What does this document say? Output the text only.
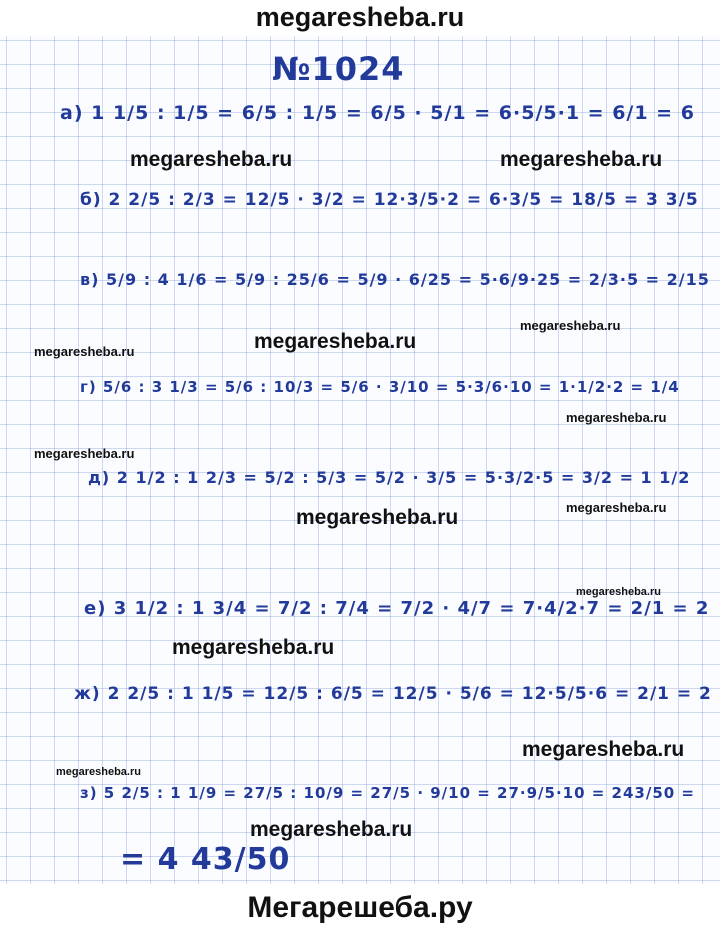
megaresheba.ru
№1024
а) 1 1/5 : 1/5 = 6/5 : 1/5 = 6/5 · 5/1 = 6·5/5·1 = 6/1 = 6
б) 2 2/5 : 2/3 = 12/5 · 3/2 = 12·3/5·2 = 6·3/5 = 18/5 = 3 3/5
в) 5/9 : 4 1/6 = 5/9 : 25/6 = 5/9 · 6/25 = 5·6/9·25 = 2/3·5 = 2/15
г) 5/6 : 3 1/3 = 5/6 : 10/3 = 5/6 · 3/10 = 5·3/6·10 = 1·1/2·2 = 1/4
д) 2 1/2 : 1 2/3 = 5/2 : 5/3 = 5/2 · 3/5 = 5·3/2·5 = 3/2 = 1 1/2
е) 3 1/2 : 1 3/4 = 7/2 : 7/4 = 7/2 · 4/7 = 7·4/2·7 = 2/1 = 2
ж) 2 2/5 : 1 1/5 = 12/5 : 6/5 = 12/5 · 5/6 = 12·5/5·6 = 2/1 = 2
з) 5 2/5 : 1 1/9 = 27/5 : 10/9 = 27/5 · 9/10 = 27·9/5·10 = 243/50 =
= 4 43/50
megaresheba.ru	megaresheba.ru
megaresheba.ru
megaresheba.ru
megaresheba.ru
megaresheba.ru
megaresheba.ru
megaresheba.ru
megaresheba.ru
megaresheba.ru
megaresheba.ru
megaresheba.ru
megaresheba.ru
megaresheba.ru
Мегарешеба.ру
